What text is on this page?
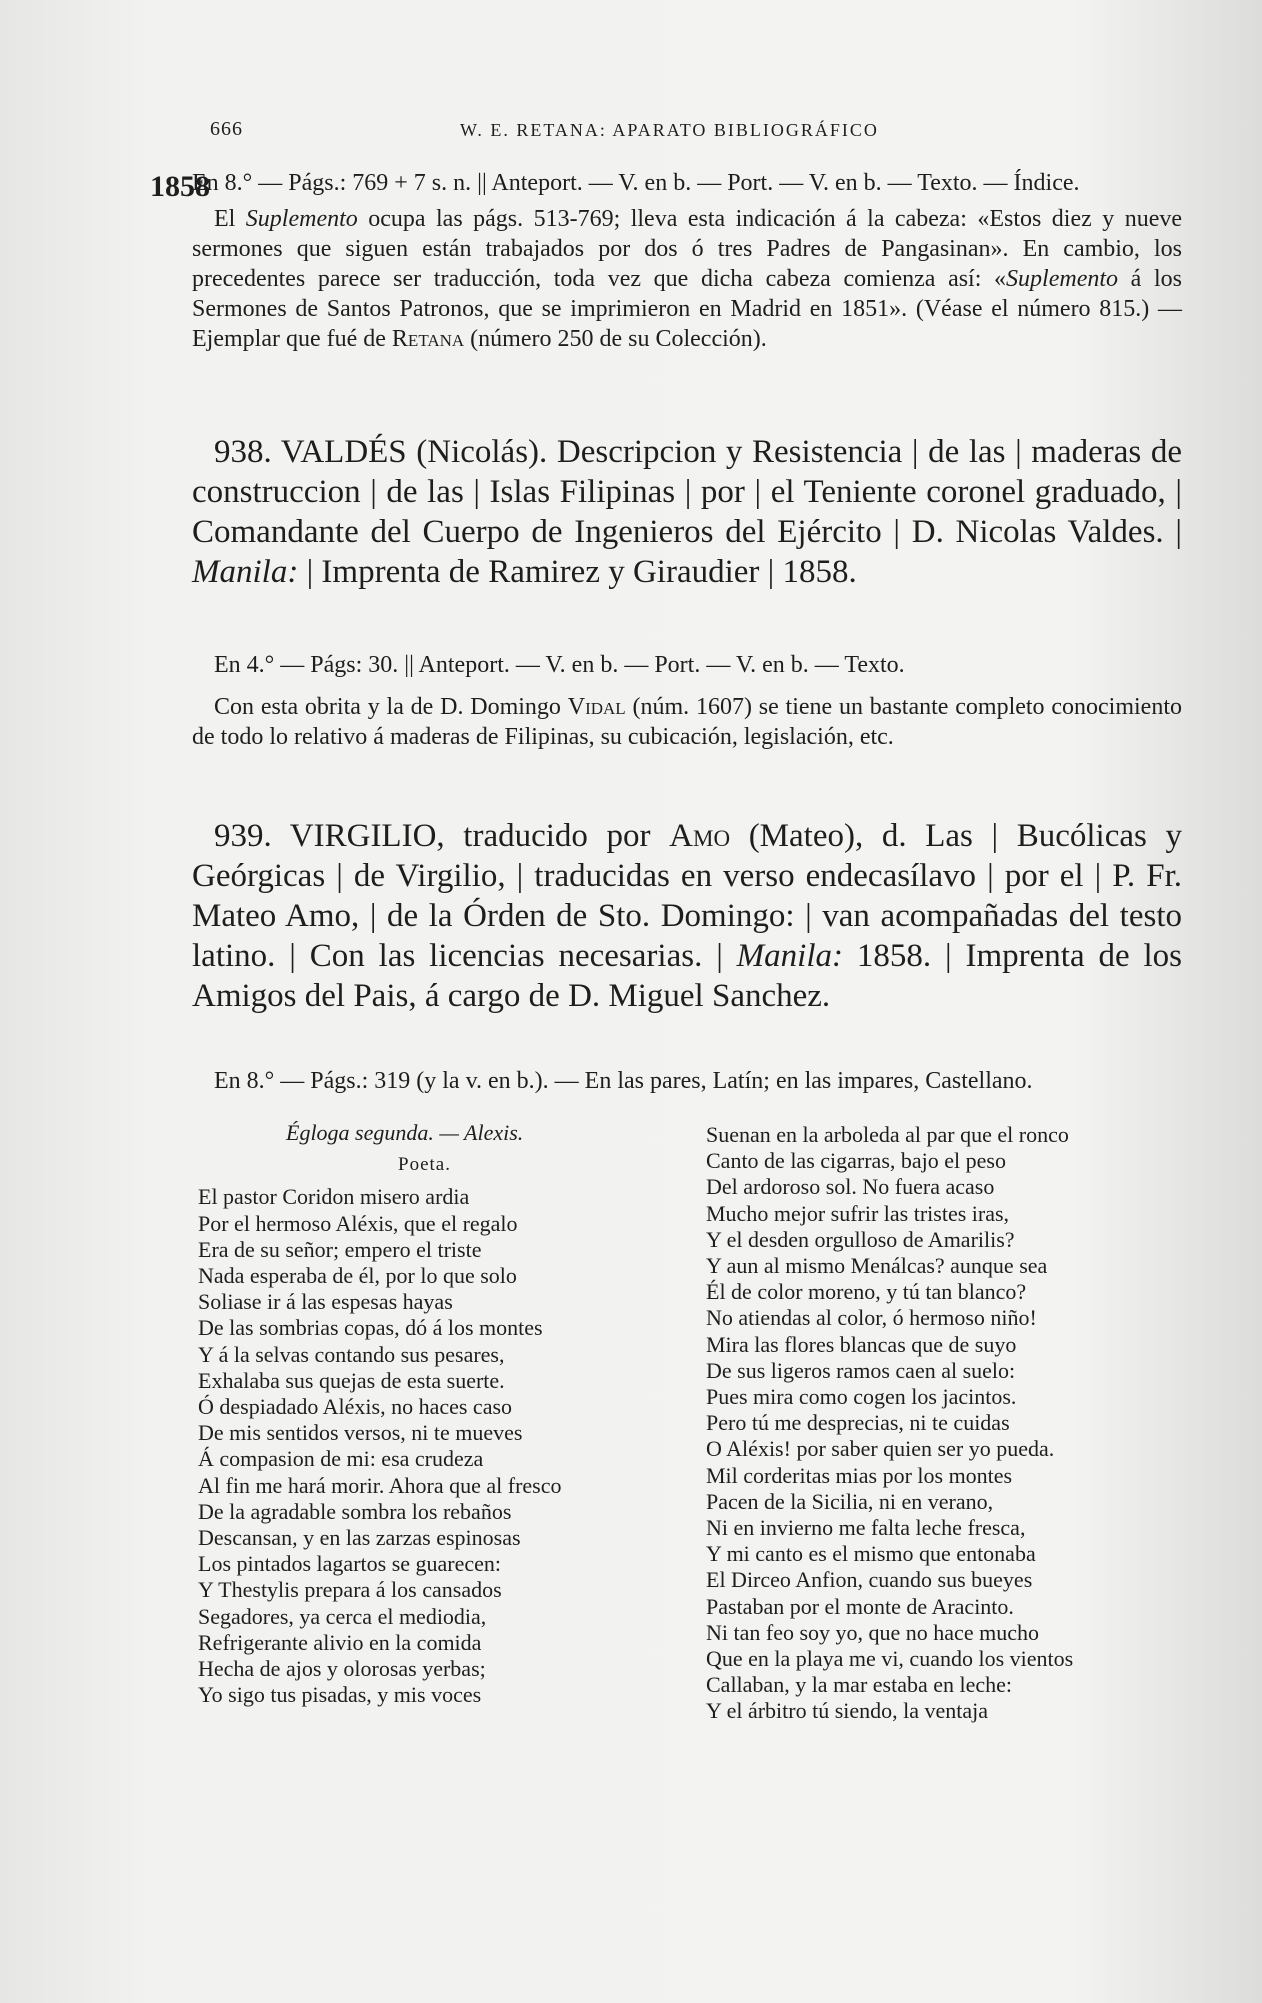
666	W. E. RETANA: APARATO BIBLIOGRÁFICO
1858

En 8.° — Págs.: 769 + 7 s. n. || Anteport. — V. en b. — Port. — V. en b. — Texto. — Índice.

El Suplemento ocupa las págs. 513-769; lleva esta indicación á la cabeza: «Estos diez y nueve sermones que siguen están trabajados por dos ó tres Padres de Pangasinan». En cambio, los precedentes parece ser traducción, toda vez que dicha cabeza comienza así: «Suplemento á los Sermones de Santos Patronos, que se imprimieron en Madrid en 1851». (Véase el número 815.) — Ejemplar que fué de Retana (número 250 de su Colección).

938. VALDÉS (Nicolás). Descripcion y Resistencia | de las | maderas de construccion | de las | Islas Filipinas | por | el Teniente coronel graduado, | Comandante del Cuerpo de Ingenieros del Ejército | D. Nicolas Valdes. | Manila: | Imprenta de Ramirez y Giraudier | 1858.

En 4.° — Págs: 30. || Anteport. — V. en b. — Port. — V. en b. — Texto.

Con esta obrita y la de D. Domingo Vidal (núm. 1607) se tiene un bastante completo conocimiento de todo lo relativo á maderas de Filipinas, su cubicación, legislación, etc.

939. VIRGILIO, traducido por Amo (Mateo), d. Las | Bucólicas y Geórgicas | de Virgilio, | traducidas en verso endecasílavo | por el | P. Fr. Mateo Amo, | de la Órden de Sto. Domingo: | van acompañadas del testo latino. | Con las licencias necesarias. | Manila: 1858. | Imprenta de los Amigos del Pais, á cargo de D. Miguel Sanchez.

En 8.° — Págs.: 319 (y la v. en b.). — En las pares, Latín; en las impares, Castellano.

Égloga segunda. — Alexis.
Poeta.
El pastor Coridon misero ardia
Por el hermoso Aléxis, que el regalo
Era de su señor; empero el triste
Nada esperaba de él, por lo que solo
Soliase ir á las espesas hayas
De las sombrias copas, dó á los montes
Y á la selvas contando sus pesares,
Exhalaba sus quejas de esta suerte.
Ó despiadado Aléxis, no haces caso
De mis sentidos versos, ni te mueves
Á compasion de mi: esa crudeza
Al fin me hará morir. Ahora que al fresco
De la agradable sombra los rebaños
Descansan, y en las zarzas espinosas
Los pintados lagartos se guarecen:
Y Thestylis prepara á los cansados
Segadores, ya cerca el mediodia,
Refrigerante alivio en la comida
Hecha de ajos y olorosas yerbas;
Yo sigo tus pisadas, y mis voces
Suenan en la arboleda al par que el ronco
Canto de las cigarras, bajo el peso
Del ardoroso sol. No fuera acaso
Mucho mejor sufrir las tristes iras,
Y el desden orgulloso de Amarilis?
Y aun al mismo Menálcas? aunque sea
Él de color moreno, y tú tan blanco?
No atiendas al color, ó hermoso niño!
Mira las flores blancas que de suyo
De sus ligeros ramos caen al suelo:
Pues mira como cogen los jacintos.
Pero tú me desprecias, ni te cuidas
O Aléxis! por saber quien ser yo pueda.
Mil corderitas mias por los montes
Pacen de la Sicilia, ni en verano,
Ni en invierno me falta leche fresca,
Y mi canto es el mismo que entonaba
El Dirceo Anfion, cuando sus bueyes
Pastaban por el monte de Aracinto.
Ni tan feo soy yo, que no hace mucho
Que en la playa me vi, cuando los vientos
Callaban, y la mar estaba en leche:
Y el árbitro tú siendo, la ventaja
